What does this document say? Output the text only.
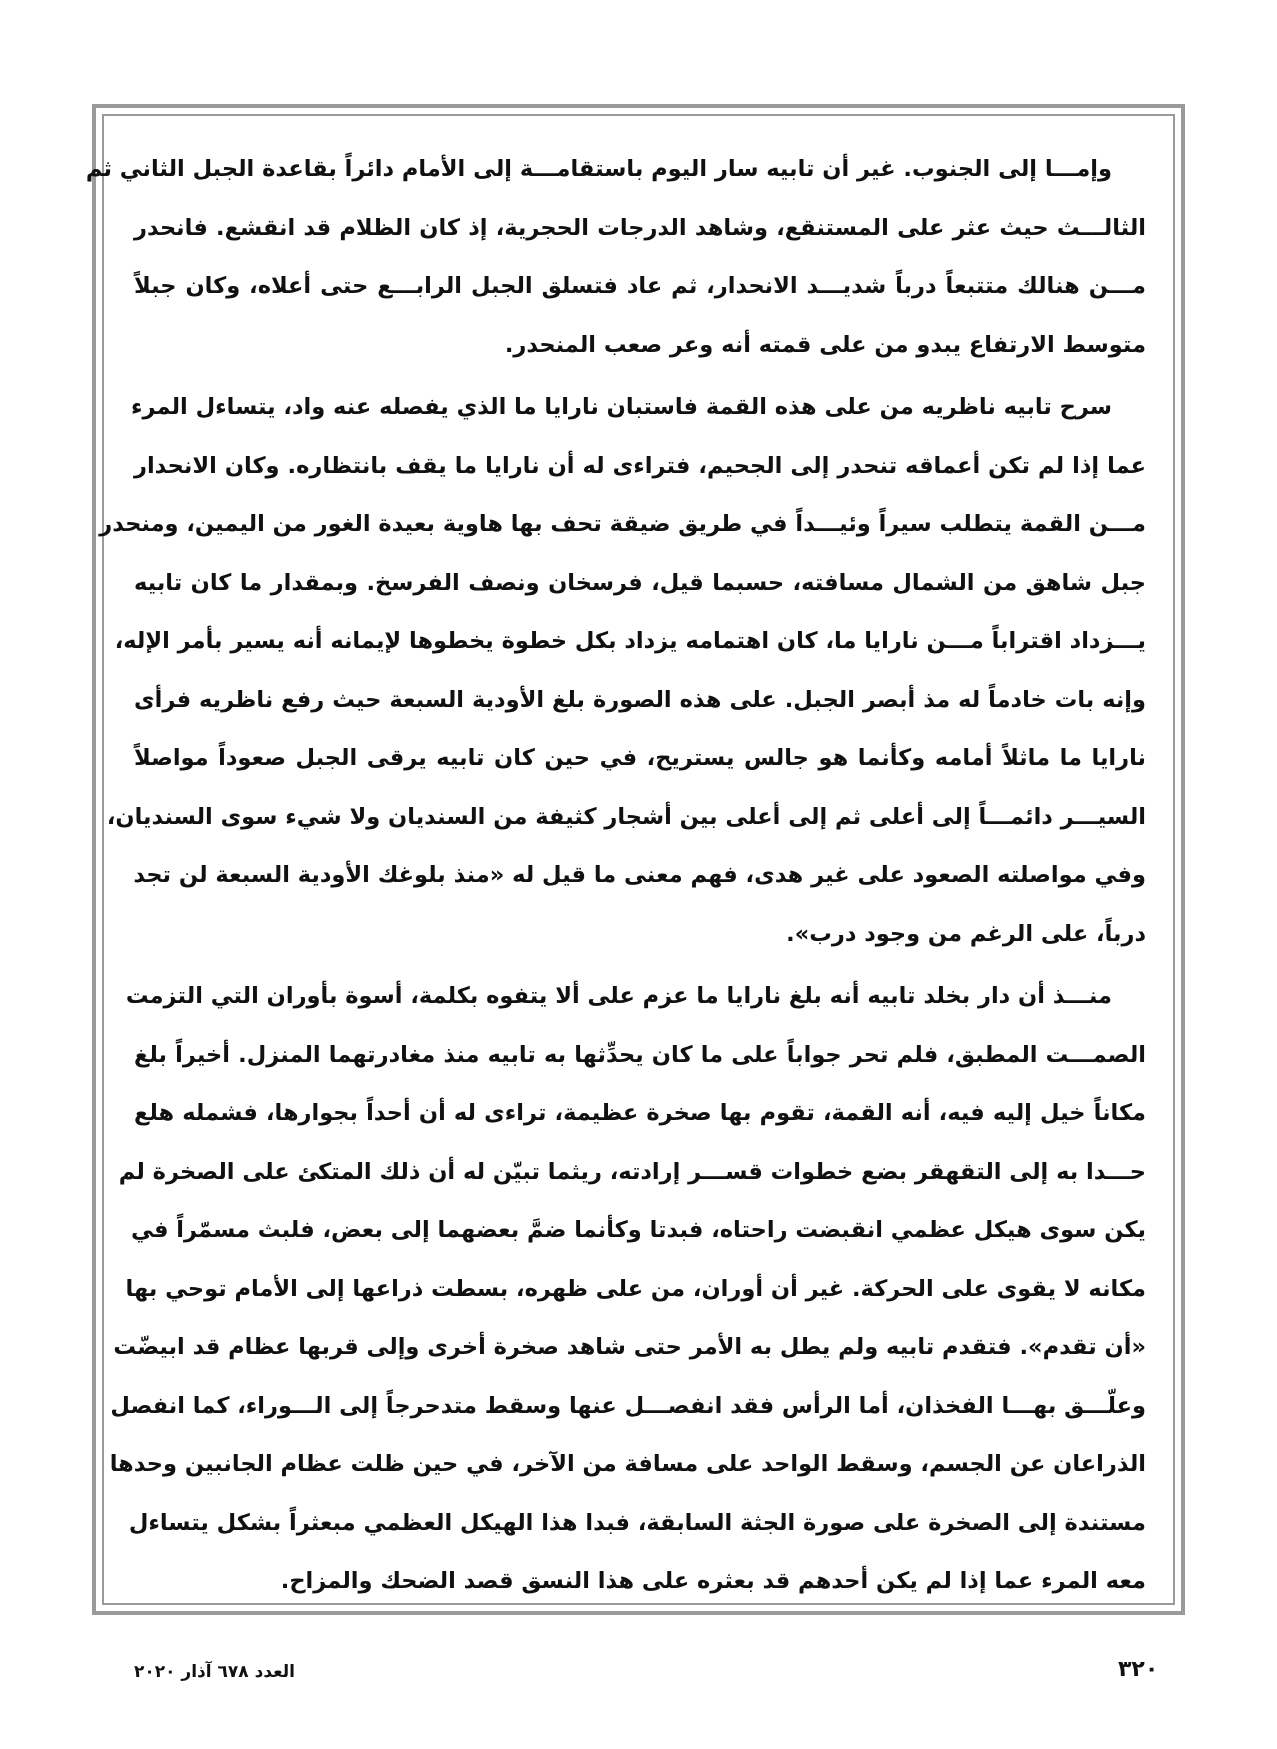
وإمـــا إلى الجنوب. غير أن تابيه سار اليوم باستقامـــة إلى الأمام دائراً بقاعدة الجبل الثاني ثم
الثالـــث حيث عثر على المستنقع، وشاهد الدرجات الحجرية، إذ كان الظلام قد انقشع. فانحدر
مـــن هنالك متتبعاً درباً شديـــد الانحدار، ثم عاد فتسلق الجبل الرابـــع حتى أعلاه، وكان جبلاً
متوسط الارتفاع يبدو من على قمته أنه وعر صعب المنحدر.
سرح تابيه ناظريه من على هذه القمة فاستبان نارايا ما الذي يفصله عنه واد، يتساءل المرء
عما إذا لم تكن أعماقه تنحدر إلى الجحيم، فتراءى له أن نارايا ما يقف بانتظاره. وكان الانحدار
مـــن القمة يتطلب سيراً وئيـــداً في طريق ضيقة تحف بها هاوية بعيدة الغور من اليمين، ومنحدر
جبل شاهق من الشمال مسافته، حسبما قيل، فرسخان ونصف الفرسخ. وبمقدار ما كان تابيه
يـــزداد اقتراباً مـــن نارايا ما، كان اهتمامه يزداد بكل خطوة يخطوها لإيمانه أنه يسير بأمر الإله،
وإنه بات خادماً له مذ أبصر الجبل. على هذه الصورة بلغ الأودية السبعة حيث رفع ناظريه فرأى
نارايا ما ماثلاً أمامه وكأنما هو جالس يستريح، في حين كان تابيه يرقى الجبل صعوداً مواصلاً
السيـــر دائمـــاً إلى أعلى ثم إلى أعلى بين أشجار كثيفة من السنديان ولا شيء سوى السنديان،
وفي مواصلته الصعود على غير هدى، فهم معنى ما قيل له «منذ بلوغك الأودية السبعة لن تجد
درباً، على الرغم من وجود درب».
منـــذ أن دار بخلد تابيه أنه بلغ نارايا ما عزم على ألا يتفوه بكلمة، أسوة بأوران التي التزمت
الصمـــت المطبق، فلم تحر جواباً على ما كان يحدِّثها به تابيه منذ مغادرتهما المنزل. أخيراً بلغ
مكاناً خيل إليه فيه، أنه القمة، تقوم بها صخرة عظيمة، تراءى له أن أحداً بجوارها، فشمله هلع
حـــدا به إلى التقهقر بضع خطوات قســـر إرادته، ريثما تبيّن له أن ذلك المتكئ على الصخرة لم
يكن سوى هيكل عظمي انقبضت راحتاه، فبدتا وكأنما ضمَّ بعضهما إلى بعض، فلبث مسمّراً في
مكانه لا يقوى على الحركة. غير أن أوران، من على ظهره، بسطت ذراعها إلى الأمام توحي بها
«أن تقدم». فتقدم تابيه ولم يطل به الأمر حتى شاهد صخرة أخرى وإلى قربها عظام قد ابيضّت
وعلّـــق بهـــا الفخذان، أما الرأس فقد انفصـــل عنها وسقط متدحرجاً إلى الـــوراء، كما انفصل
الذراعان عن الجسم، وسقط الواحد على مسافة من الآخر، في حين ظلت عظام الجانبين وحدها
مستندة إلى الصخرة على صورة الجثة السابقة، فبدا هذا الهيكل العظمي مبعثراً بشكل يتساءل
معه المرء عما إذا لم يكن أحدهم قد بعثره على هذا النسق قصد الضحك والمزاح.
العدد ٦٧٨ آذار ٢٠٢٠	٣٢٠
